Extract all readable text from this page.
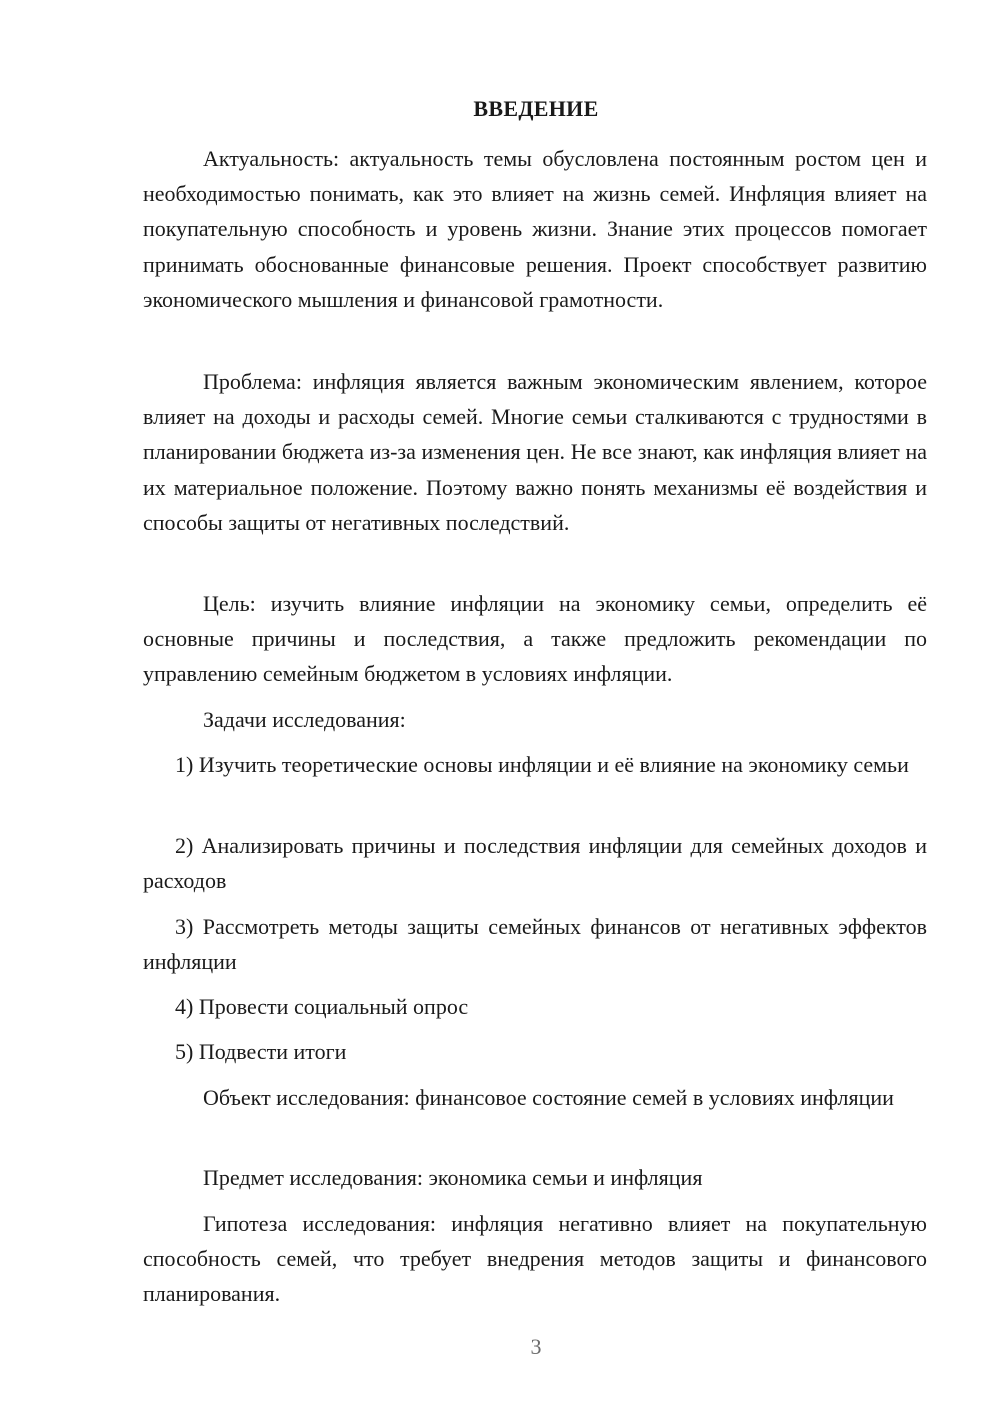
ВВЕДЕНИЕ

Актуальность: актуальность темы обусловлена постоянным ростом цен и необходимостью понимать, как это влияет на жизнь семей. Инфляция влияет на покупательную способность и уровень жизни. Знание этих процессов помогает принимать обоснованные финансовые решения. Проект способствует развитию экономического мышления и финансовой грамотности.

Проблема: инфляция является важным экономическим явлением, которое влияет на доходы и расходы семей. Многие семьи сталкиваются с трудностями в планировании бюджета из-за изменения цен. Не все знают, как инфляция влияет на их материальное положение. Поэтому важно понять механизмы её воздействия и способы защиты от негативных последствий.

Цель: изучить влияние инфляции на экономику семьи, определить её основные причины и последствия, а также предложить рекомендации по управлению семейным бюджетом в условиях инфляции.

Задачи исследования:

1) Изучить теоретические основы инфляции и её влияние на экономику семьи

2) Анализировать причины и последствия инфляции для семейных доходов и расходов

3) Рассмотреть методы защиты семейных финансов от негативных эффектов инфляции

4) Провести социальный опрос

5) Подвести итоги

Объект исследования: финансовое состояние семей в условиях инфляции

Предмет исследования: экономика семьи и инфляция

Гипотеза исследования: инфляция негативно влияет на покупательную способность семей, что требует внедрения методов защиты и финансового планирования.

3
